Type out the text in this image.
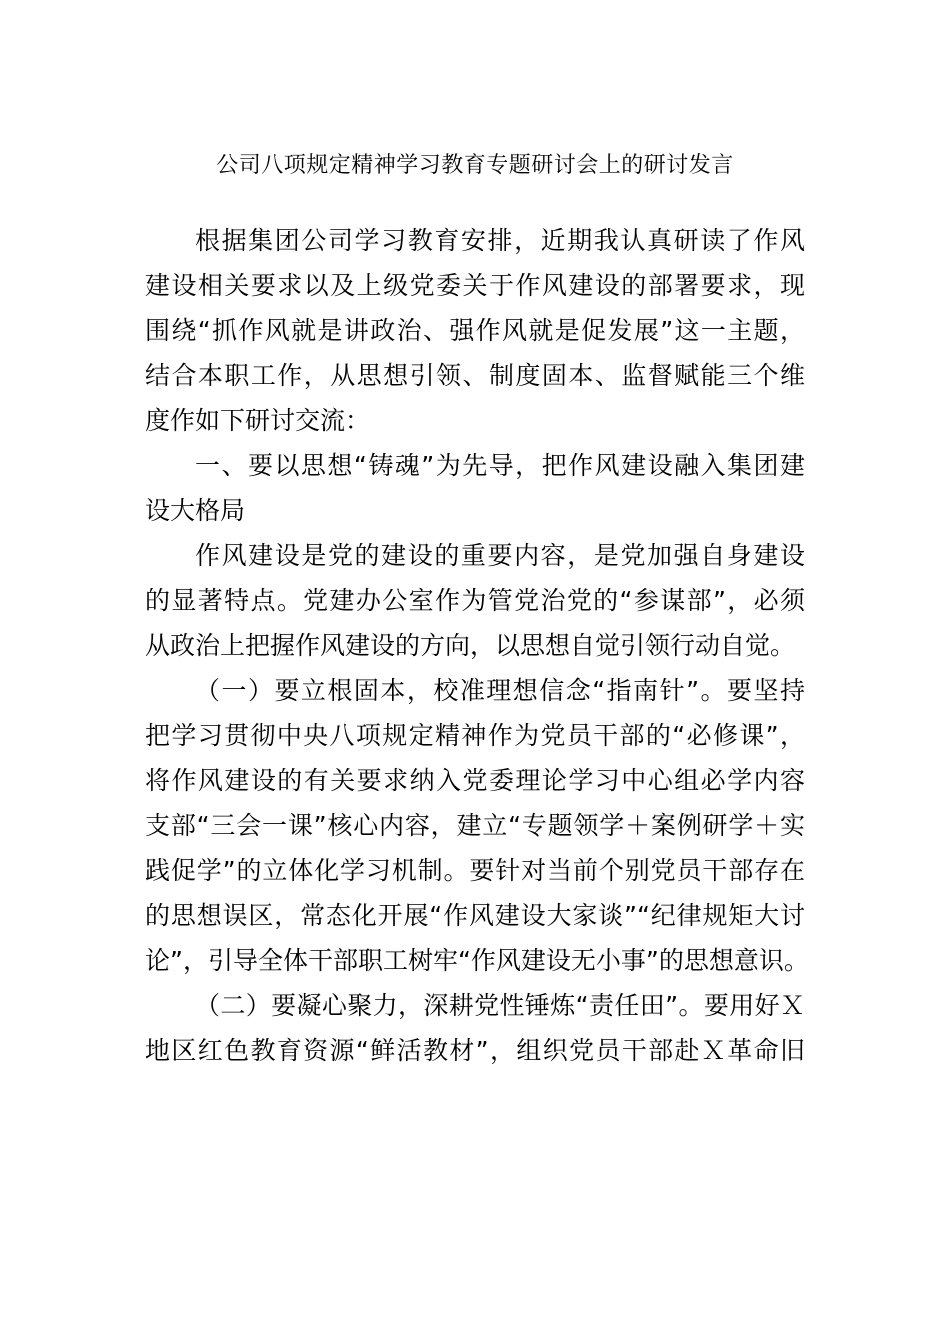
公司八项规定精神学习教育专题研讨会上的研讨发言
根据集团公司学习教育安排，近期我认真研读了作风
建设相关要求以及上级党委关于作风建设的部署要求，现
围绕“抓作风就是讲政治、强作风就是促发展”这一主题，
结合本职工作，从思想引领、制度固本、监督赋能三个维
度作如下研讨交流：
一、要以思想“铸魂”为先导，把作风建设融入集团建
设大格局
作风建设是党的建设的重要内容，是党加强自身建设
的显著特点。党建办公室作为管党治党的“参谋部”，必须
从政治上把握作风建设的方向，以思想自觉引领行动自觉。
（一）要立根固本，校准理想信念“指南针”。要坚持
把学习贯彻中央八项规定精神作为党员干部的“必修课”，
将作风建设的有关要求纳入党委理论学习中心组必学内容
支部“三会一课”核心内容，建立“专题领学＋案例研学＋实
践促学”的立体化学习机制。要针对当前个别党员干部存在
的思想误区，常态化开展“作风建设大家谈”“纪律规矩大讨
论”，引导全体干部职工树牢“作风建设无小事”的思想意识。
（二）要凝心聚力，深耕党性锤炼“责任田”。要用好Ｘ
地区红色教育资源“鲜活教材”，组织党员干部赴Ｘ革命旧
